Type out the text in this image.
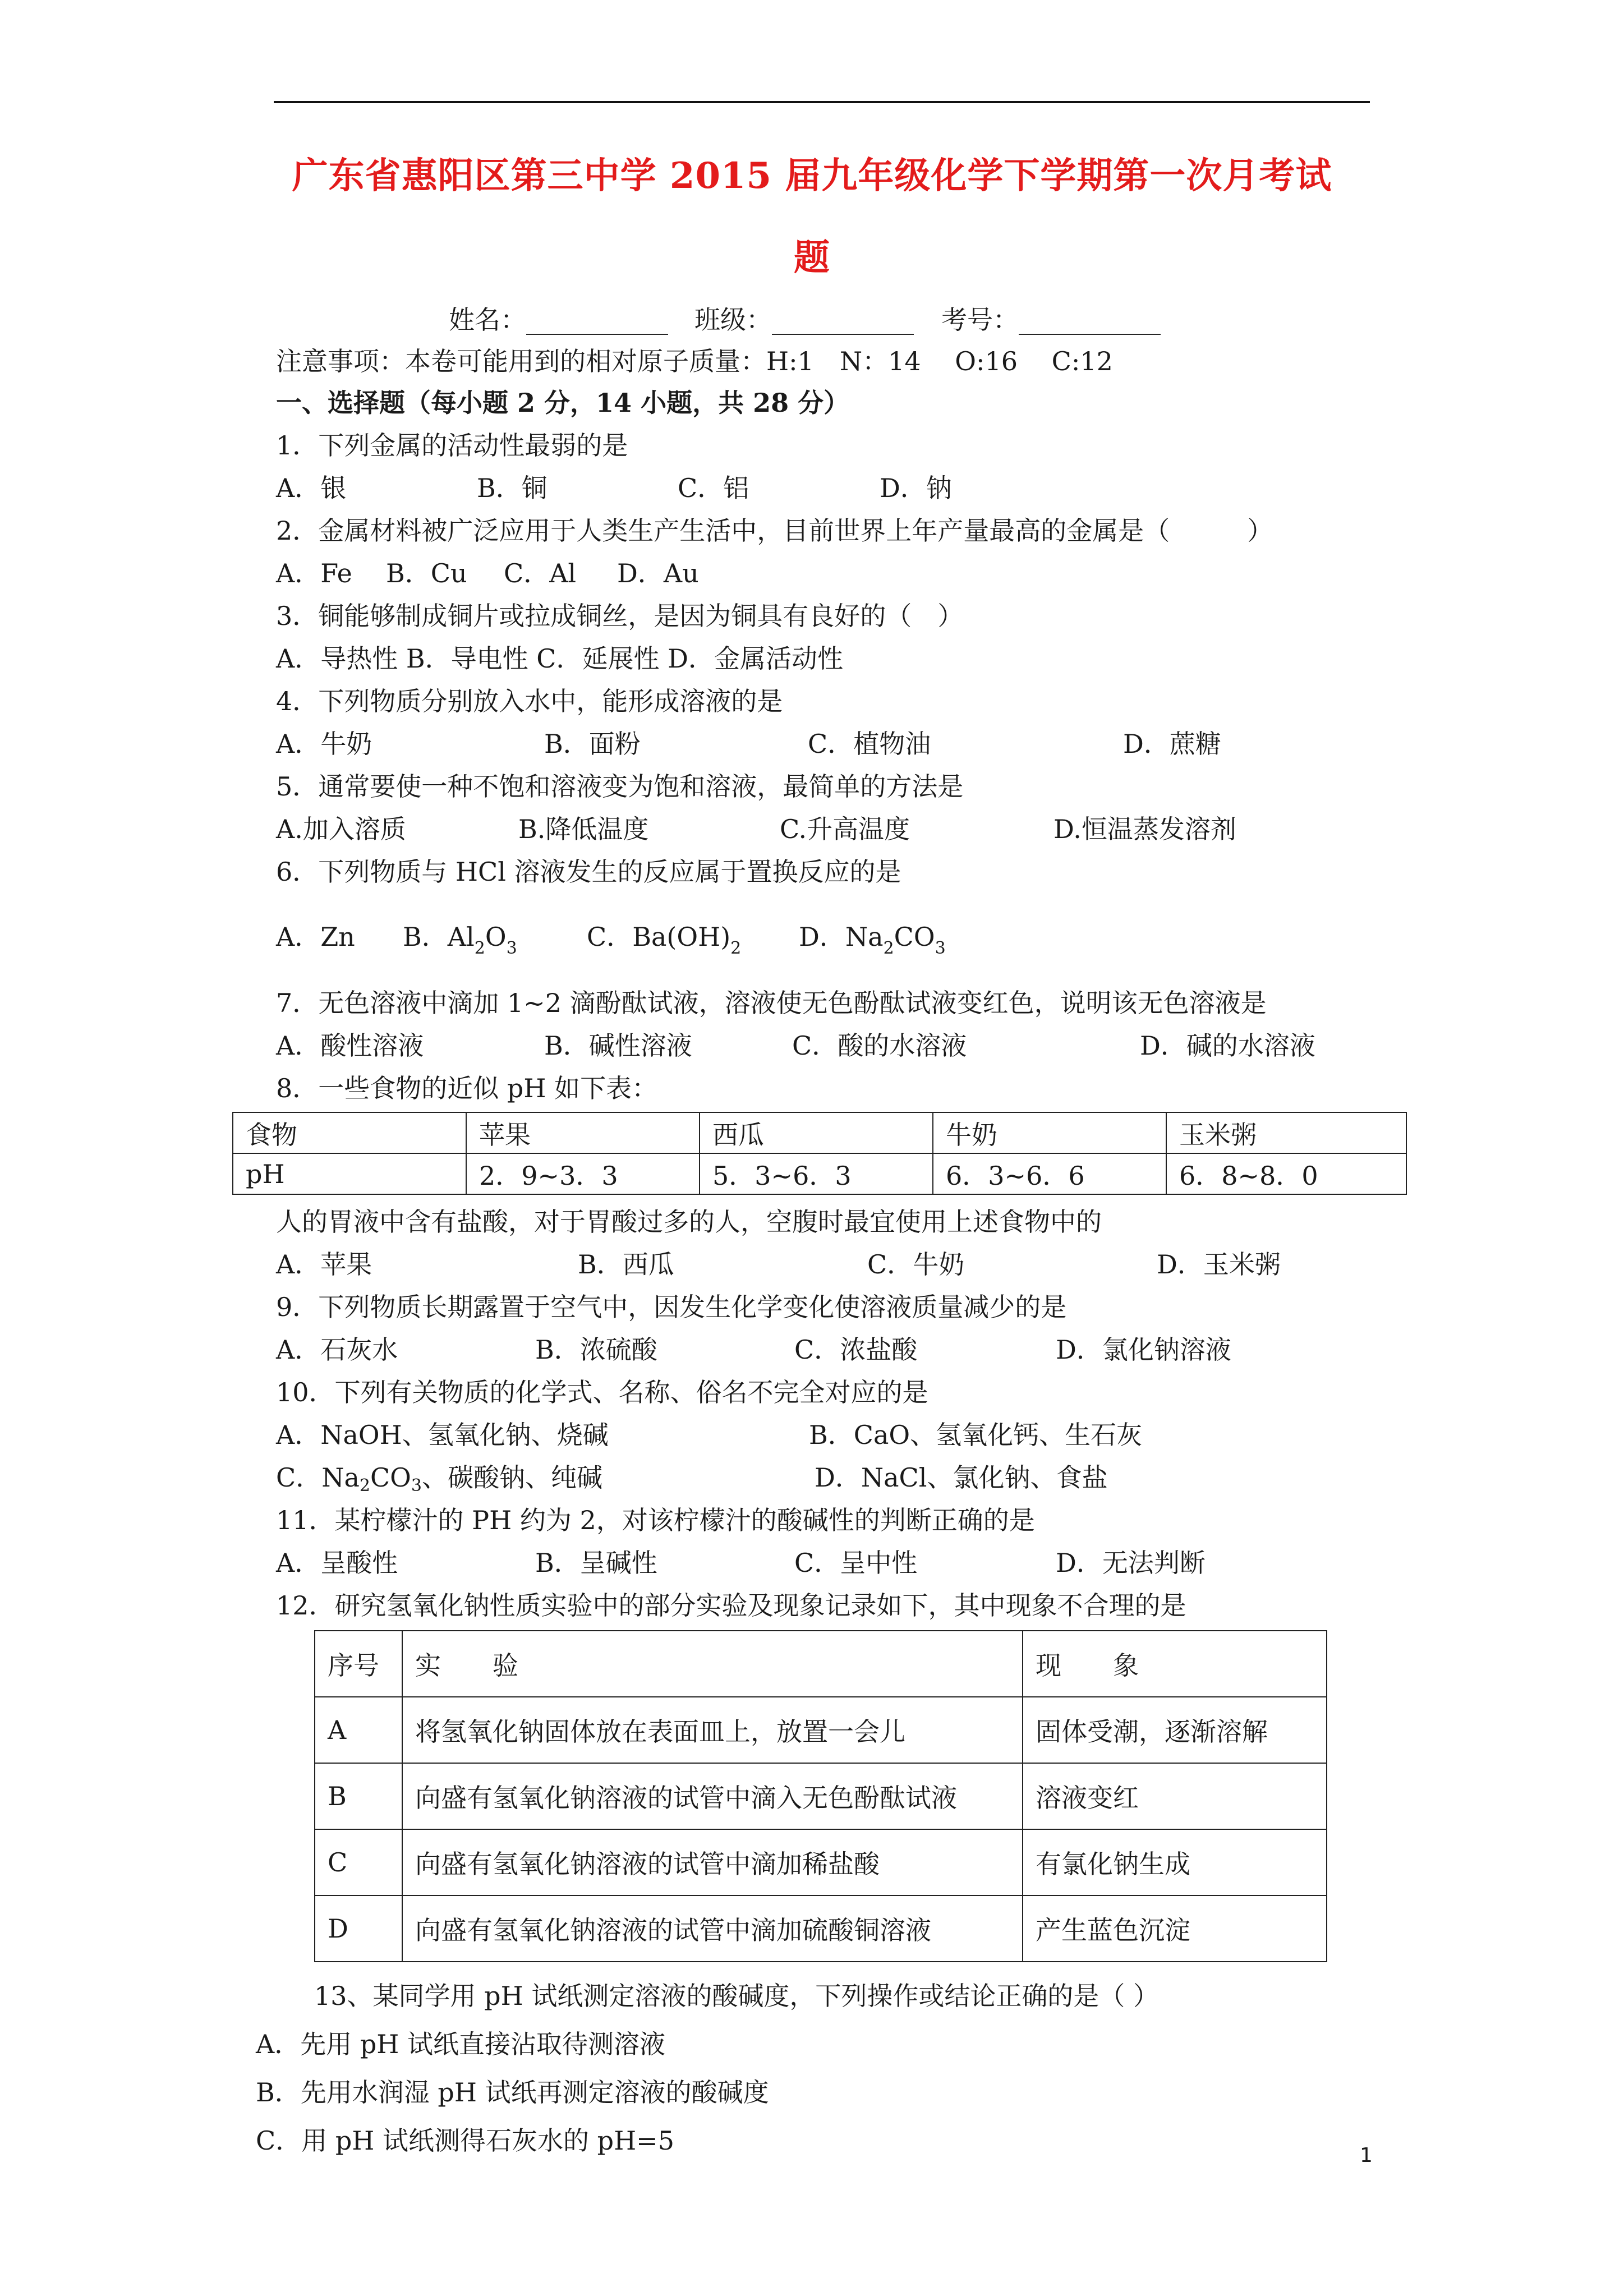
广东省惠阳区第三中学 2015 届九年级化学下学期第一次月考试
题
姓名：___________ 班级：___________ 考号：___________
注意事项：本卷可能用到的相对原子质量：H:1　N：14　 O:16　 C:12
一、选择题（每小题 2 分，14 小题，共 28 分）
1．下列金属的活动性最弱的是
A．银	B．铜	C．铝	D．钠
2．金属材料被广泛应用于人类生产生活中，目前世界上年产量最高的金属是（　　　）
A．Fe B．Cu C．Al D．Au
3．铜能够制成铜片或拉成铜丝，是因为铜具有良好的（　）
A．导热性 B．导电性 C．延展性 D．金属活动性
4．下列物质分别放入水中，能形成溶液的是
A．牛奶	B．面粉	C．植物油	D．蔗糖
5．通常要使一种不饱和溶液变为饱和溶液，最简单的方法是
A.加入溶质	B.降低温度	C.升高温度	D.恒温蒸发溶剂
6．下列物质与 HCl 溶液发生的反应属于置换反应的是
A．Zn B．$Al_2O_3$	C．$Ba(OH)_2$ D．$Na_2CO_3$
7．无色溶液中滴加 1~2 滴酚酞试液，溶液使无色酚酞试液变红色，说明该无色溶液是
A．酸性溶液	B．碱性溶液	C．酸的水溶液	D．碱的水溶液
8．一些食物的近似 pH 如下表：
食物	苹果	西瓜	牛奶	玉米粥
pH	2．9~3．3	5．3~6．3	6．3~6．6	6．8~8．0
人的胃液中含有盐酸，对于胃酸过多的人，空腹时最宜使用上述食物中的
A．苹果	B．西瓜	C．牛奶	D．玉米粥
9．下列物质长期露置于空气中，因发生化学变化使溶液质量减少的是
A．石灰水	B．浓硫酸	C．浓盐酸	D．氯化钠溶液
10．下列有关物质的化学式、名称、俗名不完全对应的是
A．NaOH、氢氧化钠、烧碱	B．CaO、氢氧化钙、生石灰
C．$Na_2CO_3$、碳酸钠、纯碱	D．NaCl、氯化钠、食盐
11．某柠檬汁的 PH 约为 2，对该柠檬汁的酸碱性的判断正确的是
A．呈酸性	B．呈碱性	C．呈中性	D．无法判断
12．研究氢氧化钠性质实验中的部分实验及现象记录如下，其中现象不合理的是
序号	实　　验	现　　象
A	将氢氧化钠固体放在表面皿上，放置一会儿	固体受潮，逐渐溶解
B	向盛有氢氧化钠溶液的试管中滴入无色酚酞试液	溶液变红
C	向盛有氢氧化钠溶液的试管中滴加稀盐酸	有氯化钠生成
D	向盛有氢氧化钠溶液的试管中滴加硫酸铜溶液	产生蓝色沉淀
13、某同学用 pH 试纸测定溶液的酸碱度，下列操作或结论正确的是（ ）
A．先用 pH 试纸直接沾取待测溶液
B．先用水润湿 pH 试纸再测定溶液的酸碱度
C．用 pH 试纸测得石灰水的 pH=5	1
